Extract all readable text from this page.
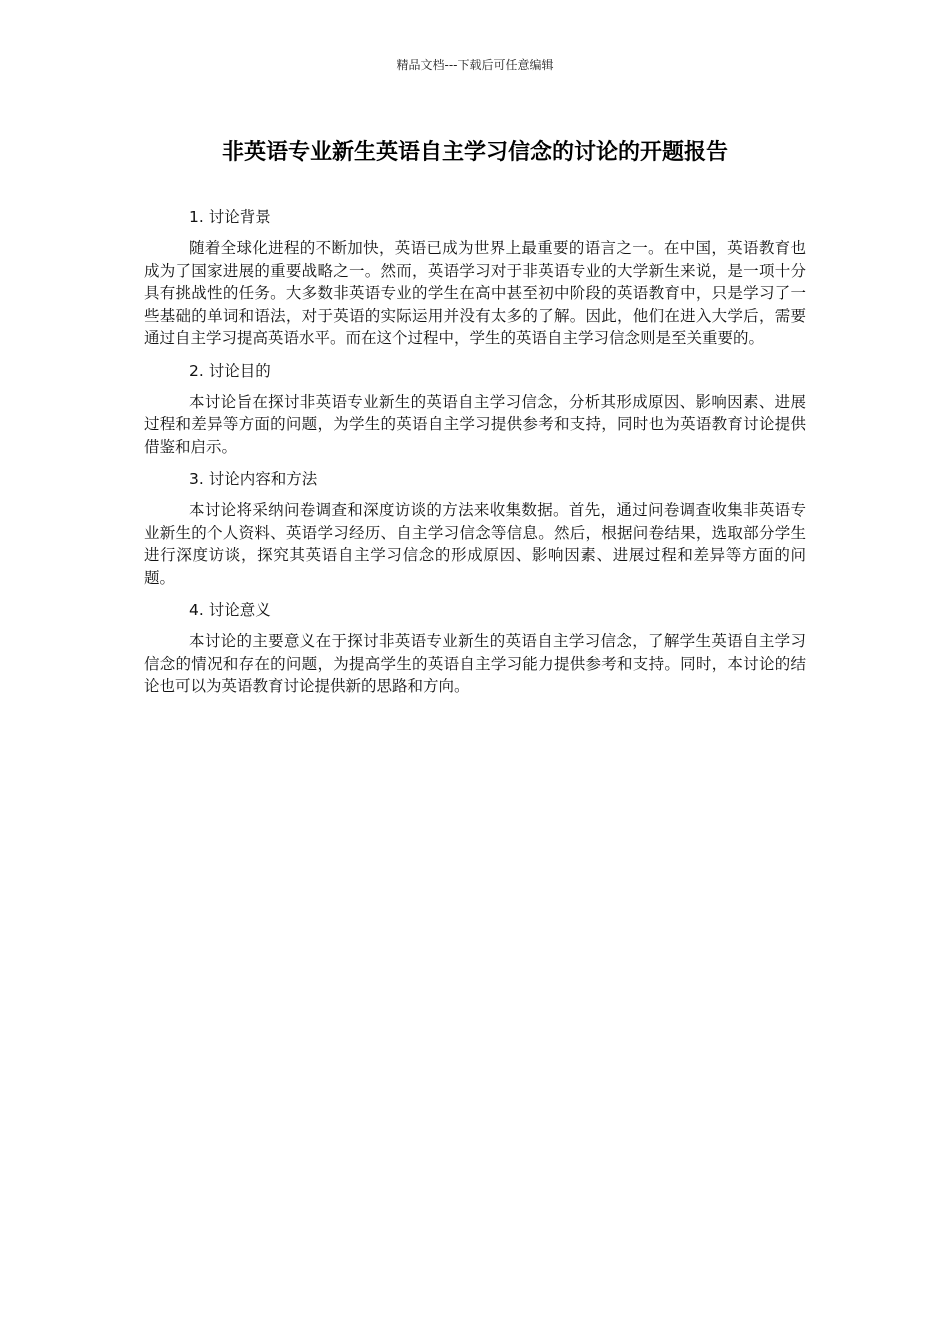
精品文档---下载后可任意编辑
非英语专业新生英语自主学习信念的讨论的开题报告

1. 讨论背景

随着全球化进程的不断加快，英语已成为世界上最重要的语言之一。在中国，英语教育也成为了国家进展的重要战略之一。然而，英语学习对于非英语专业的大学新生来说，是一项十分具有挑战性的任务。大多数非英语专业的学生在高中甚至初中阶段的英语教育中，只是学习了一些基础的单词和语法，对于英语的实际运用并没有太多的了解。因此，他们在进入大学后，需要通过自主学习提高英语水平。而在这个过程中，学生的英语自主学习信念则是至关重要的。

2. 讨论目的

本讨论旨在探讨非英语专业新生的英语自主学习信念，分析其形成原因、影响因素、进展过程和差异等方面的问题，为学生的英语自主学习提供参考和支持，同时也为英语教育讨论提供借鉴和启示。

3. 讨论内容和方法

本讨论将采纳问卷调查和深度访谈的方法来收集数据。首先，通过问卷调查收集非英语专业新生的个人资料、英语学习经历、自主学习信念等信息。然后，根据问卷结果，选取部分学生进行深度访谈，探究其英语自主学习信念的形成原因、影响因素、进展过程和差异等方面的问题。

4. 讨论意义

本讨论的主要意义在于探讨非英语专业新生的英语自主学习信念，了解学生英语自主学习信念的情况和存在的问题，为提高学生的英语自主学习能力提供参考和支持。同时，本讨论的结论也可以为英语教育讨论提供新的思路和方向。
